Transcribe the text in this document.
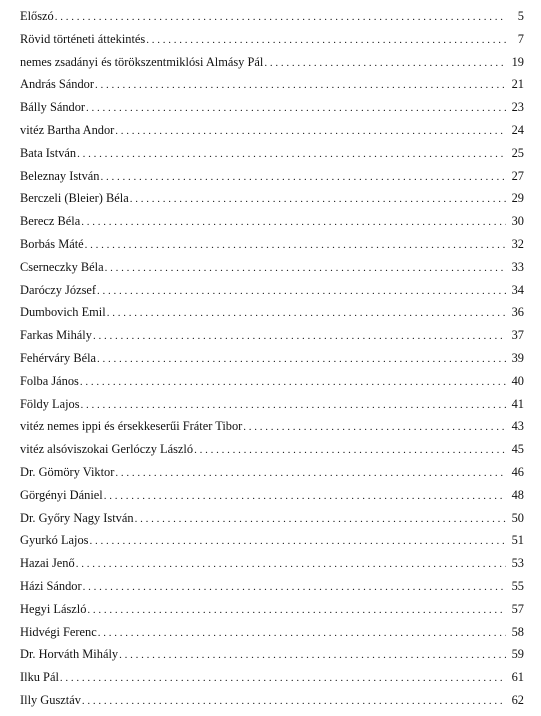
Előszó . . .	5
Rövid történeti áttekintés . . .	7
nemes zsadányi és törökszentmiklósi Almásy Pál . . .	19
András Sándor . . .	21
Bálly Sándor . . .	23
vitéz Bartha Andor . . .	24
Bata István . . .	25
Beleznay István . . .	27
Berczeli (Bleier) Béla . . .	29
Berecz Béla . . .	30
Borbás Máté . . .	32
Cserneczky Béla . . .	33
Daróczy József . . .	34
Dumbovich Emil . . .	36
Farkas Mihály . . .	37
Fehérváry Béla . . .	39
Folba János . . .	40
Földy Lajos . . .	41
vitéz nemes ippi és érsekkeserűi Fráter Tibor . . .	43
vitéz alsóviszokai Gerlóczy László . . .	45
Dr. Gömöry Viktor . . .	46
Görgényi Dániel . . .	48
Dr. Győry Nagy István . . .	50
Gyurkó Lajos . . .	51
Hazai Jenő . . .	53
Házi Sándor . . .	55
Hegyi László . . .	57
Hidvégi Ferenc . . .	58
Dr. Horváth Mihály . . .	59
Ilku Pál . . .	61
Illy Gusztáv . . .	62
